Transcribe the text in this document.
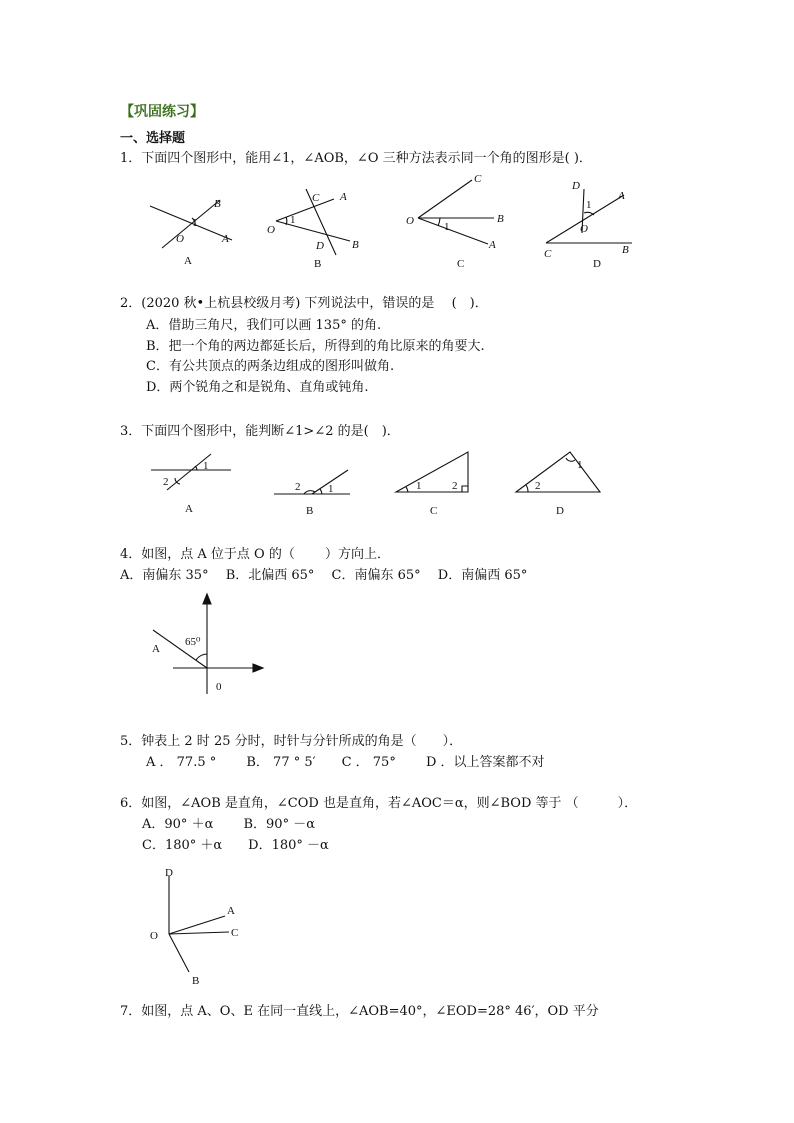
【巩固练习】
一、选择题
1．下面四个图形中，能用∠1，∠AOB，∠O 三种方法表示同一个角的图形是( )．
B
1
O	A
A
C A
1
O
D	B
B
C
O	B
1
A
C
D
1
A
O
C	B
D
2．(2020 秋•上杭县校级月考) 下列说法中，错误的是　 (　)．
A．借助三角尺，我们可以画 135° 的角.
B．把一个角的两边都延长后，所得到的角比原来的角要大.
C．有公共顶点的两条边组成的图形叫做角.
D．两个锐角之和是锐角、直角或钝角.
3．下面四个图形中，能判断∠1>∠2 的是(　)．
1
2
A
2	1
B
1	2
C
1
2
D
4．如图，点 A 位于点 O 的（　　 ）方向上．
A．南偏东 35°　 B．北偏西 65°　 C．南偏东 65°　 D．南偏西 65°
65⁰
A
0
5．钟表上 2 时 25 分时，时针与分针所成的角是（　　）．
A ． 77.5 °　　 B． 77 ° 5′　　C ． 75°　　 D ．以上答案都不对
6．如图，∠AOB 是直角，∠COD 也是直角，若∠AOC＝α，则∠BOD 等于 （　　　）．
A．90° ＋α　　 B．90° －α
C．180° ＋α　　D．180° －α
D
A
O	C
B
7．如图，点 A、O、E 在同一直线上，∠AOB=40°，∠EOD=28° 46′，OD 平分
